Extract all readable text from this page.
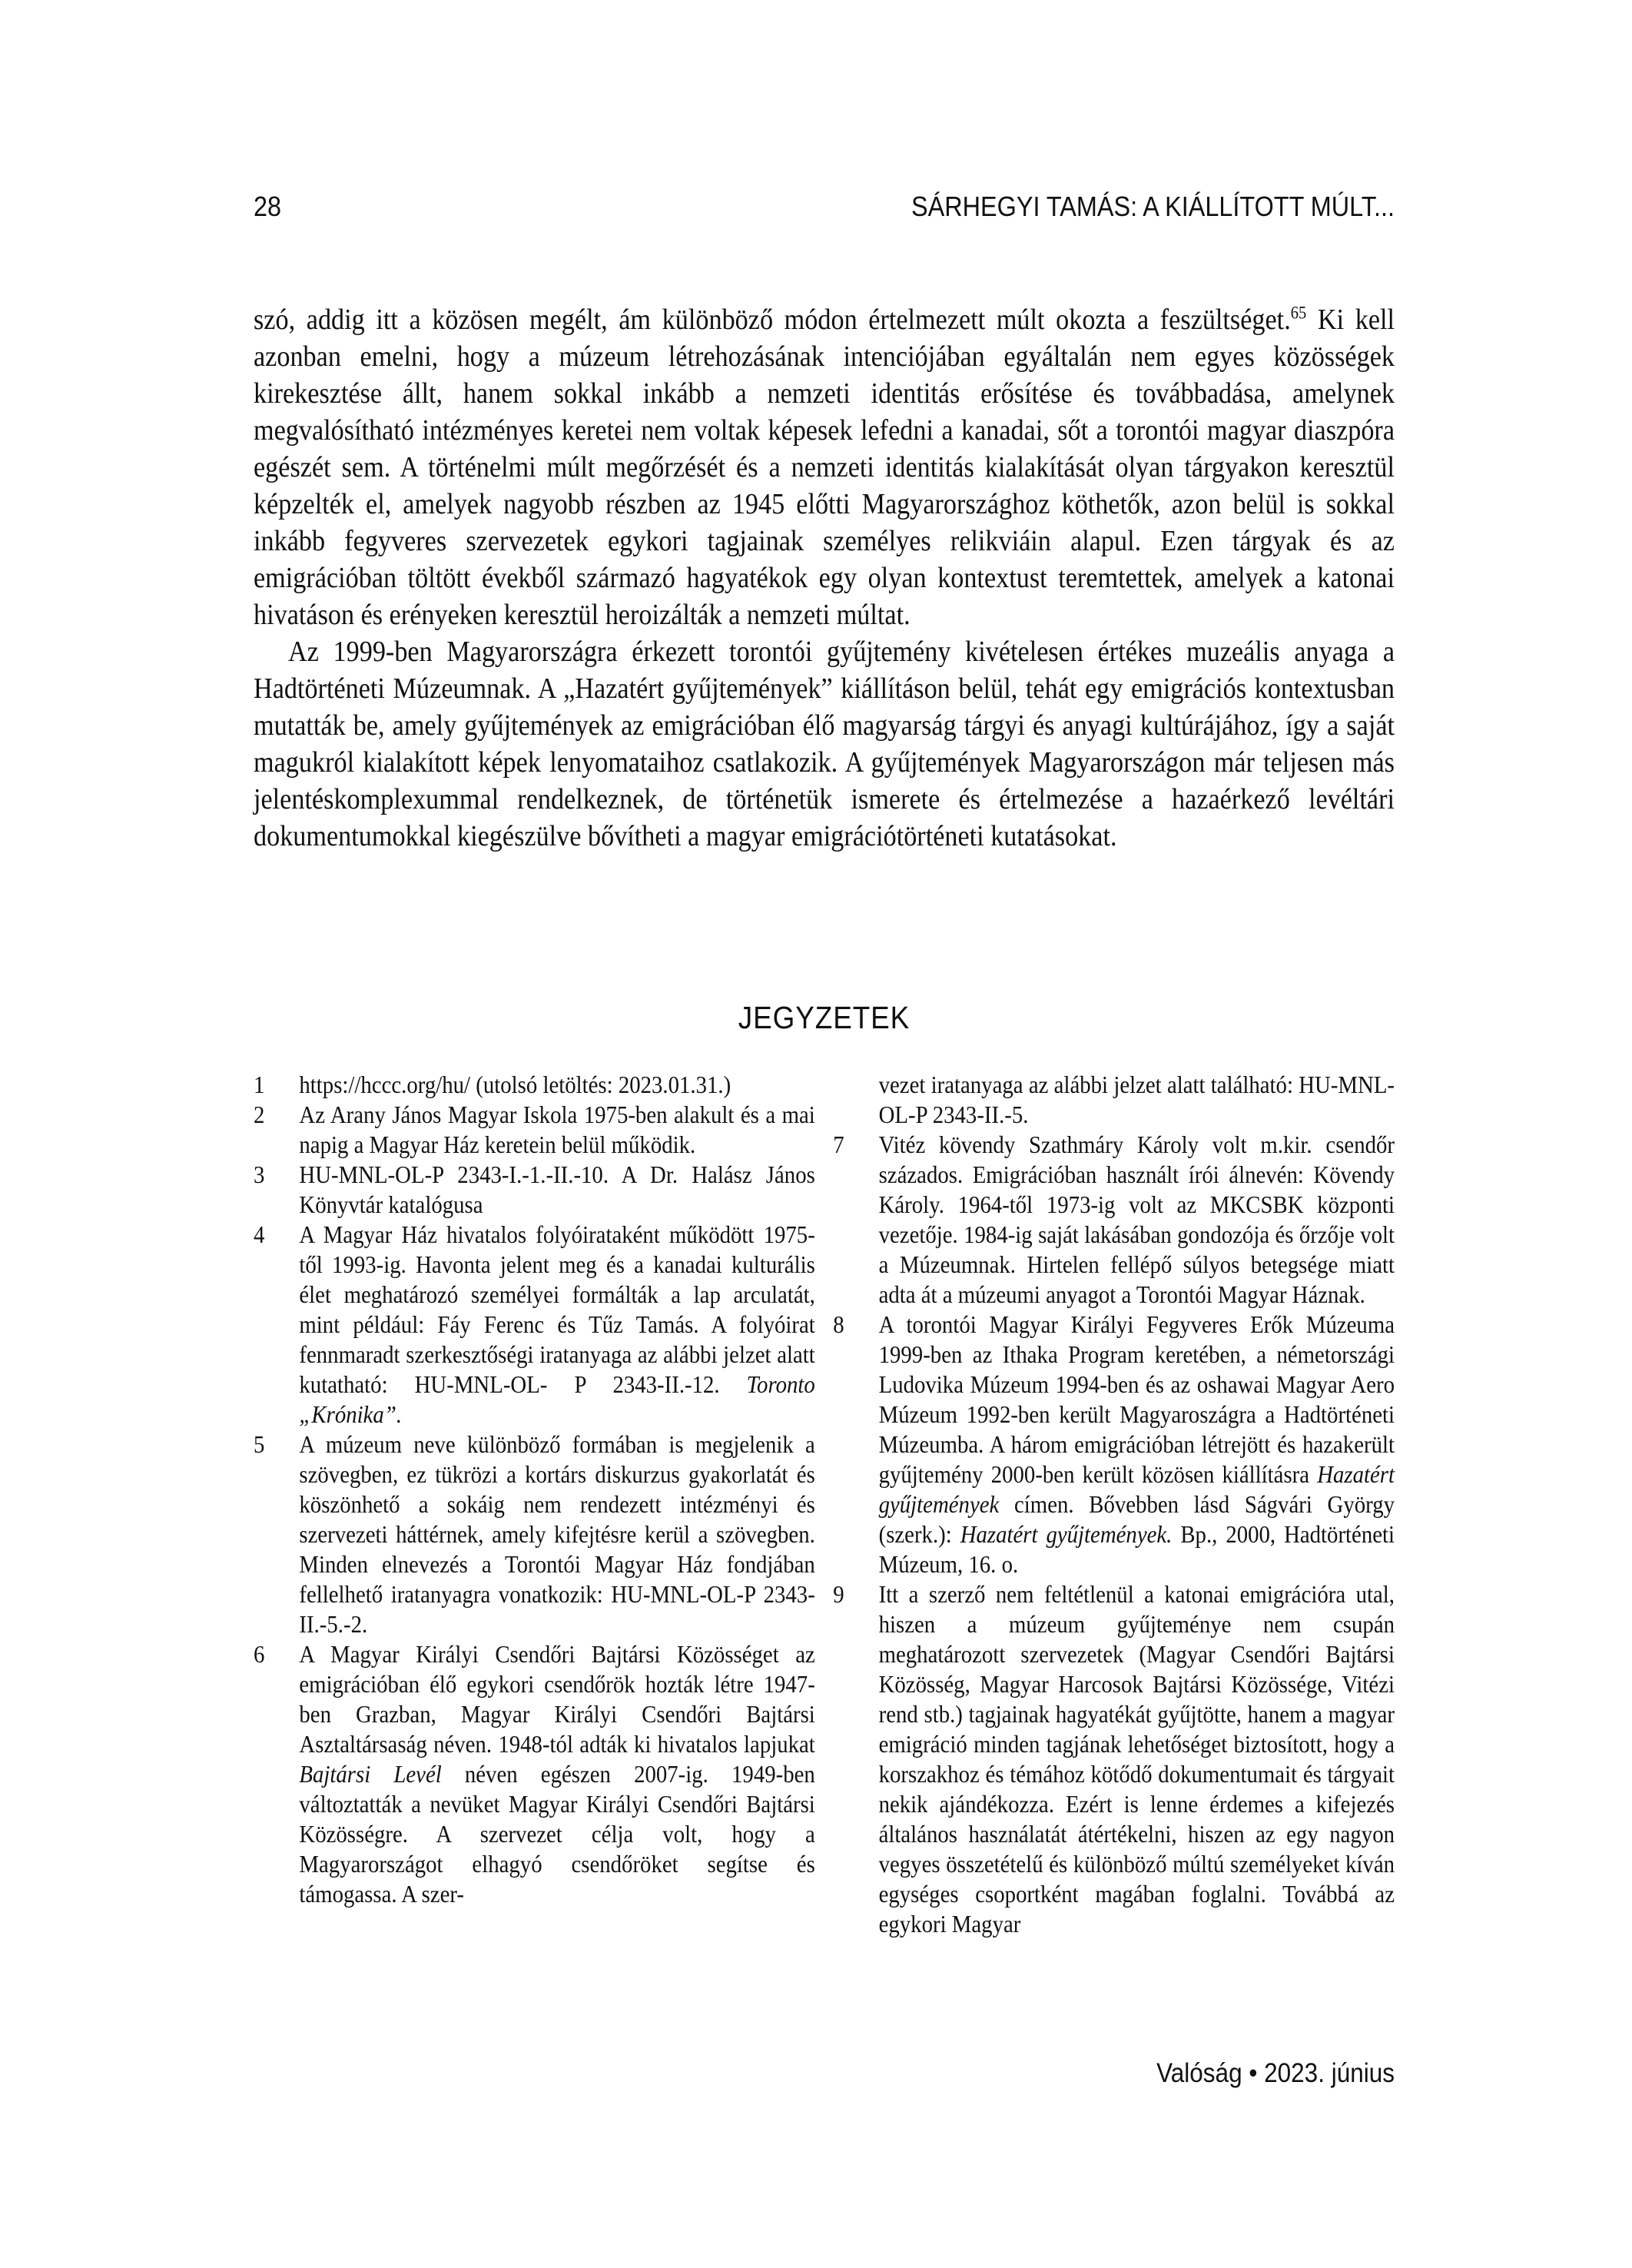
28	SÁRHEGYI TAMÁS: A KIÁLLÍTOTT MÚLT...

szó, addig itt a közösen megélt, ám különböző módon értelmezett múlt okozta a feszültséget.$^{65}$ Ki kell azonban emelni, hogy a múzeum létrehozásának intenciójában egyáltalán nem egyes közösségek kirekesztése állt, hanem sokkal inkább a nemzeti identitás erősítése és továbbadása, amelynek megvalósítható intézményes keretei nem voltak képesek lefedni a kanadai, sőt a torontói magyar diaszpóra egészét sem. A történelmi múlt megőrzését és a nemzeti identitás kialakítását olyan tárgyakon keresztül képzelték el, amelyek nagyobb részben az 1945 előtti Magyarországhoz köthetők, azon belül is sokkal inkább fegyveres szervezetek egykori tagjainak személyes relikviáin alapul. Ezen tárgyak és az emigrációban töltött évekből származó hagyatékok egy olyan kontextust teremtettek, amelyek a katonai hivatáson és erényeken keresztül heroizálták a nemzeti múltat.

Az 1999-ben Magyarországra érkezett torontói gyűjtemény kivételesen értékes muzeális anyaga a Hadtörténeti Múzeumnak. A „Hazatért gyűjtemények” kiállításon belül, tehát egy emigrációs kontextusban mutatták be, amely gyűjtemények az emigrációban élő magyarság tárgyi és anyagi kultúrájához, így a saját magukról kialakított képek lenyomataihoz csatlakozik. A gyűjtemények Magyarországon már teljesen más jelentéskomplexummal rendelkeznek, de történetük ismerete és értelmezése a hazaérkező levéltári dokumentumokkal kiegészülve bővítheti a magyar emigrációtörténeti kutatásokat.

JEGYZETEK
1	https://hccc.org/hu/ (utolsó letöltés: 2023.01.31.)
2	Az Arany János Magyar Iskola 1975-ben alakult és a mai napig a Magyar Ház keretein belül működik.
3	HU-MNL-OL-P 2343-I.-1.-II.-10. A Dr. Halász János Könyvtár katalógusa
4	A Magyar Ház hivatalos folyóirataként működött 1975-től 1993-ig. Havonta jelent meg és a kanadai kulturális élet meghatározó személyei formálták a lap arculatát, mint például: Fáy Ferenc és Tűz Tamás. A folyóirat fennmaradt szerkesztőségi iratanyaga az alábbi jelzet alatt kutatható: HU-MNL-OL- P 2343-II.-12. Toronto „Krónika”.
5	A múzeum neve különböző formában is megjelenik a szövegben, ez tükrözi a kortárs diskurzus gyakorlatát és köszönhető a sokáig nem rendezett intézményi és szervezeti háttérnek, amely kifejtésre kerül a szövegben. Minden elnevezés a Torontói Magyar Ház fondjában fellelhető iratanyagra vonatkozik: HU-MNL-OL-P 2343-II.-5.-2.
6	A Magyar Királyi Csendőri Bajtársi Közösséget az emigrációban élő egykori csendőrök hozták létre 1947-ben Grazban, Magyar Királyi Csendőri Bajtársi Asztaltársaság néven. 1948-tól adták ki hivatalos lapjukat Bajtársi Levél néven egészen 2007-ig. 1949-ben változtatták a nevüket Magyar Királyi Csendőri Bajtársi Közösségre. A szervezet célja volt, hogy a Magyarországot elhagyó csendőröket segítse és támogassa. A szer-
vezet iratanyaga az alábbi jelzet alatt található: HU-MNL-OL-P 2343-II.-5.
7	Vitéz kövendy Szathmáry Károly volt m.kir. csendőr százados. Emigrációban használt írói álnevén: Kövendy Károly. 1964-től 1973-ig volt az MKCSBK központi vezetője. 1984-ig saját lakásában gondozója és őrzője volt a Múzeumnak. Hirtelen fellépő súlyos betegsége miatt adta át a múzeumi anyagot a Torontói Magyar Háznak.
8	A torontói Magyar Királyi Fegyveres Erők Múzeuma 1999-ben az Ithaka Program keretében, a németországi Ludovika Múzeum 1994-ben és az oshawai Magyar Aero Múzeum 1992-ben került Magyaroszágra a Hadtörténeti Múzeumba. A három emigrációban létrejött és hazakerült gyűjtemény 2000-ben került közösen kiállításra Hazatért gyűjtemények címen. Bővebben lásd Ságvári György (szerk.): Hazatért gyűjtemények. Bp., 2000, Hadtörténeti Múzeum, 16. o.
9	Itt a szerző nem feltétlenül a katonai emigrációra utal, hiszen a múzeum gyűjteménye nem csupán meghatározott szervezetek (Magyar Csendőri Bajtársi Közösség, Magyar Harcosok Bajtársi Közössége, Vitézi rend stb.) tagjainak hagyatékát gyűjtötte, hanem a magyar emigráció minden tagjának lehetőséget biztosított, hogy a korszakhoz és témához kötődő dokumentumait és tárgyait nekik ajándékozza. Ezért is lenne érdemes a kifejezés általános használatát átértékelni, hiszen az egy nagyon vegyes összetételű és különböző múltú személyeket kíván egységes csoportként magában foglalni. Továbbá az egykori Magyar
Valóság • 2023. június
